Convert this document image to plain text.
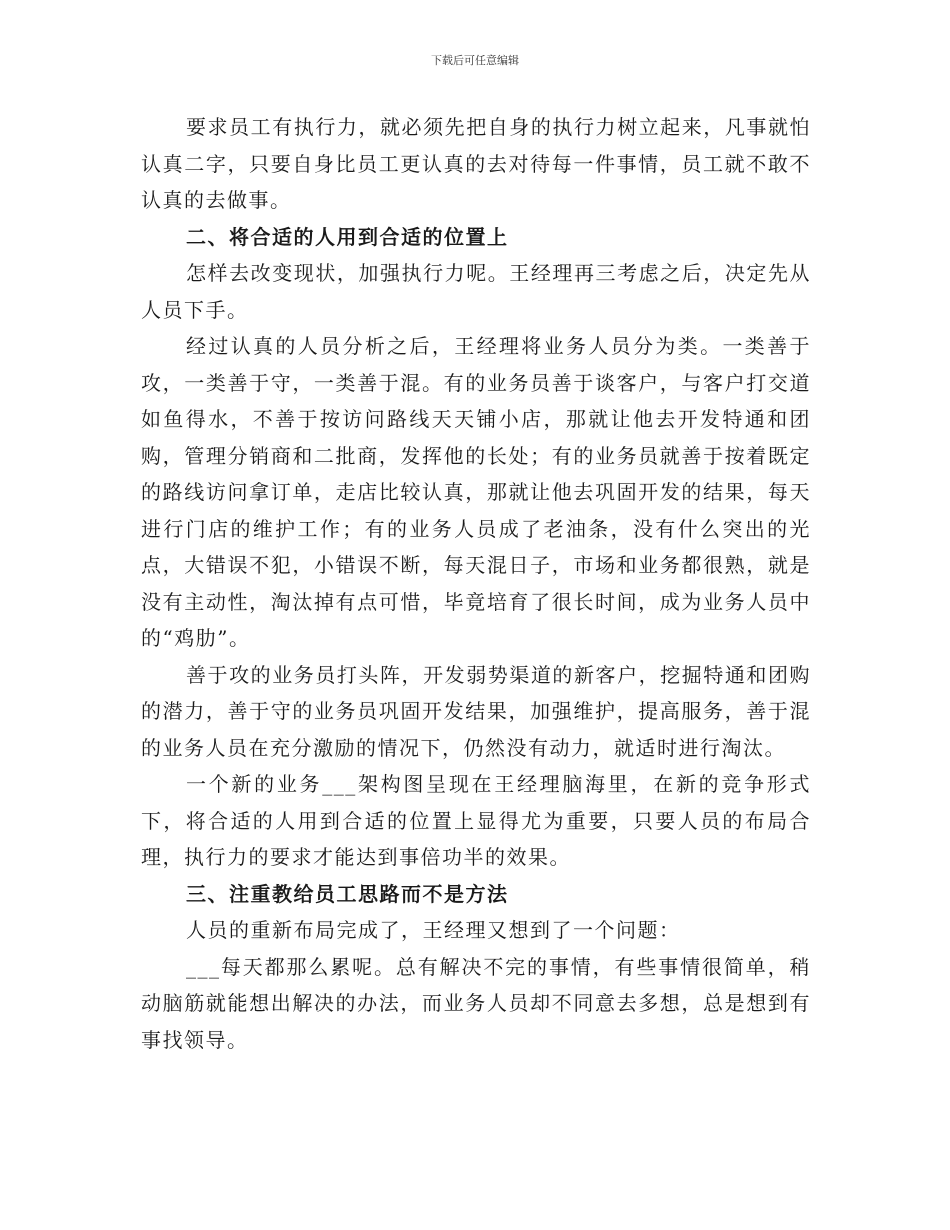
下载后可任意编辑

要求员工有执行力，就必须先把自身的执行力树立起来，凡事就怕认真二字，只要自身比员工更认真的去对待每一件事情，员工就不敢不认真的去做事。

二、将合适的人用到合适的位置上

怎样去改变现状，加强执行力呢。王经理再三考虑之后，决定先从人员下手。

经过认真的人员分析之后，王经理将业务人员分为类。一类善于攻，一类善于守，一类善于混。有的业务员善于谈客户，与客户打交道如鱼得水，不善于按访问路线天天铺小店，那就让他去开发特通和团购，管理分销商和二批商，发挥他的长处；有的业务员就善于按着既定的路线访问拿订单，走店比较认真，那就让他去巩固开发的结果，每天进行门店的维护工作；有的业务人员成了老油条，没有什么突出的光点，大错误不犯，小错误不断，每天混日子，市场和业务都很熟，就是没有主动性，淘汰掉有点可惜，毕竟培育了很长时间，成为业务人员中的“鸡肋”。

善于攻的业务员打头阵，开发弱势渠道的新客户，挖掘特通和团购的潜力，善于守的业务员巩固开发结果，加强维护，提高服务，善于混的业务人员在充分激励的情况下，仍然没有动力，就适时进行淘汰。

一个新的业务___架构图呈现在王经理脑海里，在新的竞争形式下，将合适的人用到合适的位置上显得尤为重要，只要人员的布局合理，执行力的要求才能达到事倍功半的效果。

三、注重教给员工思路而不是方法

人员的重新布局完成了，王经理又想到了一个问题：

___每天都那么累呢。总有解决不完的事情，有些事情很简单，稍动脑筋就能想出解决的办法，而业务人员却不同意去多想，总是想到有事找领导。
